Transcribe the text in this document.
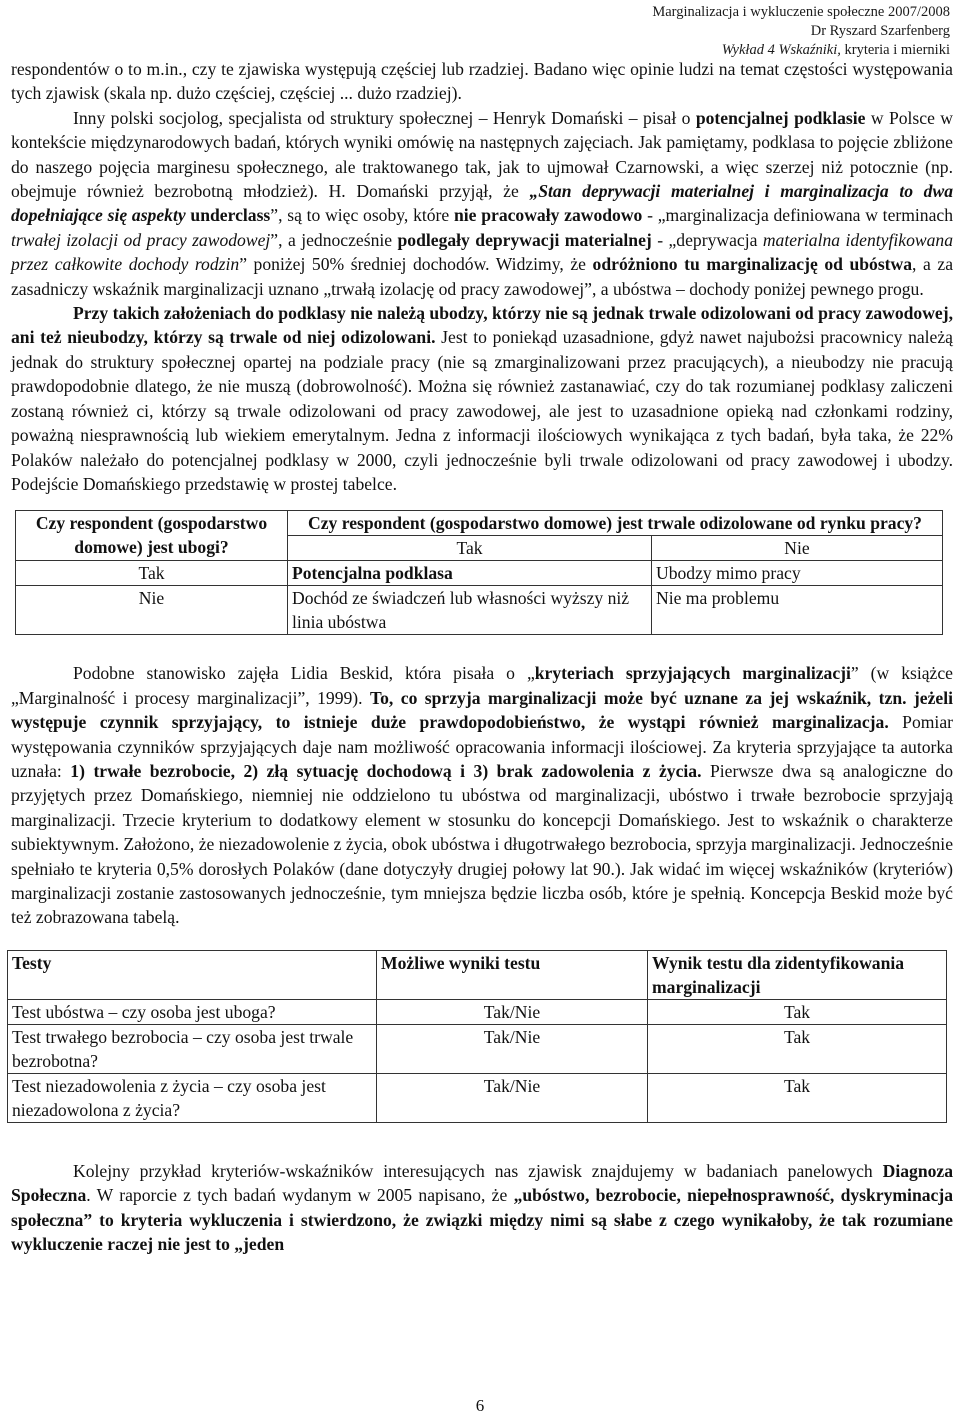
Marginalizacja i wykluczenie społeczne 2007/2008
Dr Ryszard Szarfenberg
Wykład 4 Wskaźniki, kryteria i mierniki

respondentów o to m.in., czy te zjawiska występują częściej lub rzadziej. Badano więc opinie ludzi na temat częstości występowania tych zjawisk (skala np. dużo częściej, częściej ... dużo rzadziej).

Inny polski socjolog, specjalista od struktury społecznej – Henryk Domański – pisał o potencjalnej podklasie w Polsce w kontekście międzynarodowych badań, których wyniki omówię na następnych zajęciach. Jak pamiętamy, podklasa to pojęcie zbliżone do naszego pojęcia marginesu społecznego, ale traktowanego tak, jak to ujmował Czarnowski, a więc szerzej niż potocznie (np. obejmuje również bezrobotną młodzież). H. Domański przyjął, że „Stan deprywacji materialnej i marginalizacja to dwa dopełniające się aspekty underclass”, są to więc osoby, które nie pracowały zawodowo - „marginalizacja definiowana w terminach trwałej izolacji od pracy zawodowej”, a jednocześnie podlegały deprywacji materialnej - „deprywacja materialna identyfikowana przez całkowite dochody rodzin” poniżej 50% średniej dochodów. Widzimy, że odróżniono tu marginalizację od ubóstwa, a za zasadniczy wskaźnik marginalizacji uznano „trwałą izolację od pracy zawodowej”, a ubóstwa – dochody poniżej pewnego progu.

Przy takich założeniach do podklasy nie należą ubodzy, którzy nie są jednak trwale odizolowani od pracy zawodowej, ani też nieubodzy, którzy są trwale od niej odizolowani. Jest to poniekąd uzasadnione, gdyż nawet najubożsi pracownicy należą jednak do struktury społecznej opartej na podziale pracy (nie są zmarginalizowani przez pracujących), a nieubodzy nie pracują prawdopodobnie dlatego, że nie muszą (dobrowolność). Można się również zastanawiać, czy do tak rozumianej podklasy zaliczeni zostaną również ci, którzy są trwale odizolowani od pracy zawodowej, ale jest to uzasadnione opieką nad członkami rodziny, poważną niesprawnością lub wiekiem emerytalnym. Jedna z informacji ilościowych wynikająca z tych badań, była taka, że 22% Polaków należało do potencjalnej podklasy w 2000, czyli jednocześnie byli trwale odizolowani od pracy zawodowej i ubodzy. Podejście Domańskiego przedstawię w prostej tabelce.

Czy respondent (gospodarstwo domowe) jest ubogi?	Czy respondent (gospodarstwo domowe) jest trwale odizolowane od rynku pracy?	
	Tak	Nie
Tak	Potencjalna podklasa	Ubodzy mimo pracy
Nie	Dochód ze świadczeń lub własności wyższy niż linia ubóstwa	Nie ma problemu

Podobne stanowisko zajęła Lidia Beskid, która pisała o „kryteriach sprzyjających marginalizacji” (w książce „Marginalność i procesy marginalizacji”, 1999). To, co sprzyja marginalizacji może być uznane za jej wskaźnik, tzn. jeżeli występuje czynnik sprzyjający, to istnieje duże prawdopodobieństwo, że wystąpi również marginalizacja. Pomiar występowania czynników sprzyjających daje nam możliwość opracowania informacji ilościowej. Za kryteria sprzyjające ta autorka uznała: 1) trwałe bezrobocie, 2) złą sytuację dochodową i 3) brak zadowolenia z życia. Pierwsze dwa są analogiczne do przyjętych przez Domańskiego, niemniej nie oddzielono tu ubóstwa od marginalizacji, ubóstwo i trwałe bezrobocie sprzyjają marginalizacji. Trzecie kryterium to dodatkowy element w stosunku do koncepcji Domańskiego. Jest to wskaźnik o charakterze subiektywnym. Założono, że niezadowolenie z życia, obok ubóstwa i długotrwałego bezrobocia, sprzyja marginalizacji. Jednocześnie spełniało te kryteria 0,5% dorosłych Polaków (dane dotyczyły drugiej połowy lat 90.). Jak widać im więcej wskaźników (kryteriów) marginalizacji zostanie zastosowanych jednocześnie, tym mniejsza będzie liczba osób, które je spełnią. Koncepcja Beskid może być też zobrazowana tabelą.

Testy	Możliwe wyniki testu	Wynik testu dla zidentyfikowania marginalizacji
Test ubóstwa – czy osoba jest uboga?	Tak/Nie	Tak
Test trwałego bezrobocia – czy osoba jest trwale bezrobotna?	Tak/Nie	Tak
Test niezadowolenia z życia – czy osoba jest niezadowolona z życia?	Tak/Nie	Tak

Kolejny przykład kryteriów-wskaźników interesujących nas zjawisk znajdujemy w badaniach panelowych Diagnoza Społeczna. W raporcie z tych badań wydanym w 2005 napisano, że „ubóstwo, bezrobocie, niepełnosprawność, dyskryminacja społeczna” to kryteria wykluczenia i stwierdzono, że związki między nimi są słabe z czego wynikałoby, że tak rozumiane wykluczenie raczej nie jest to „jeden

6
